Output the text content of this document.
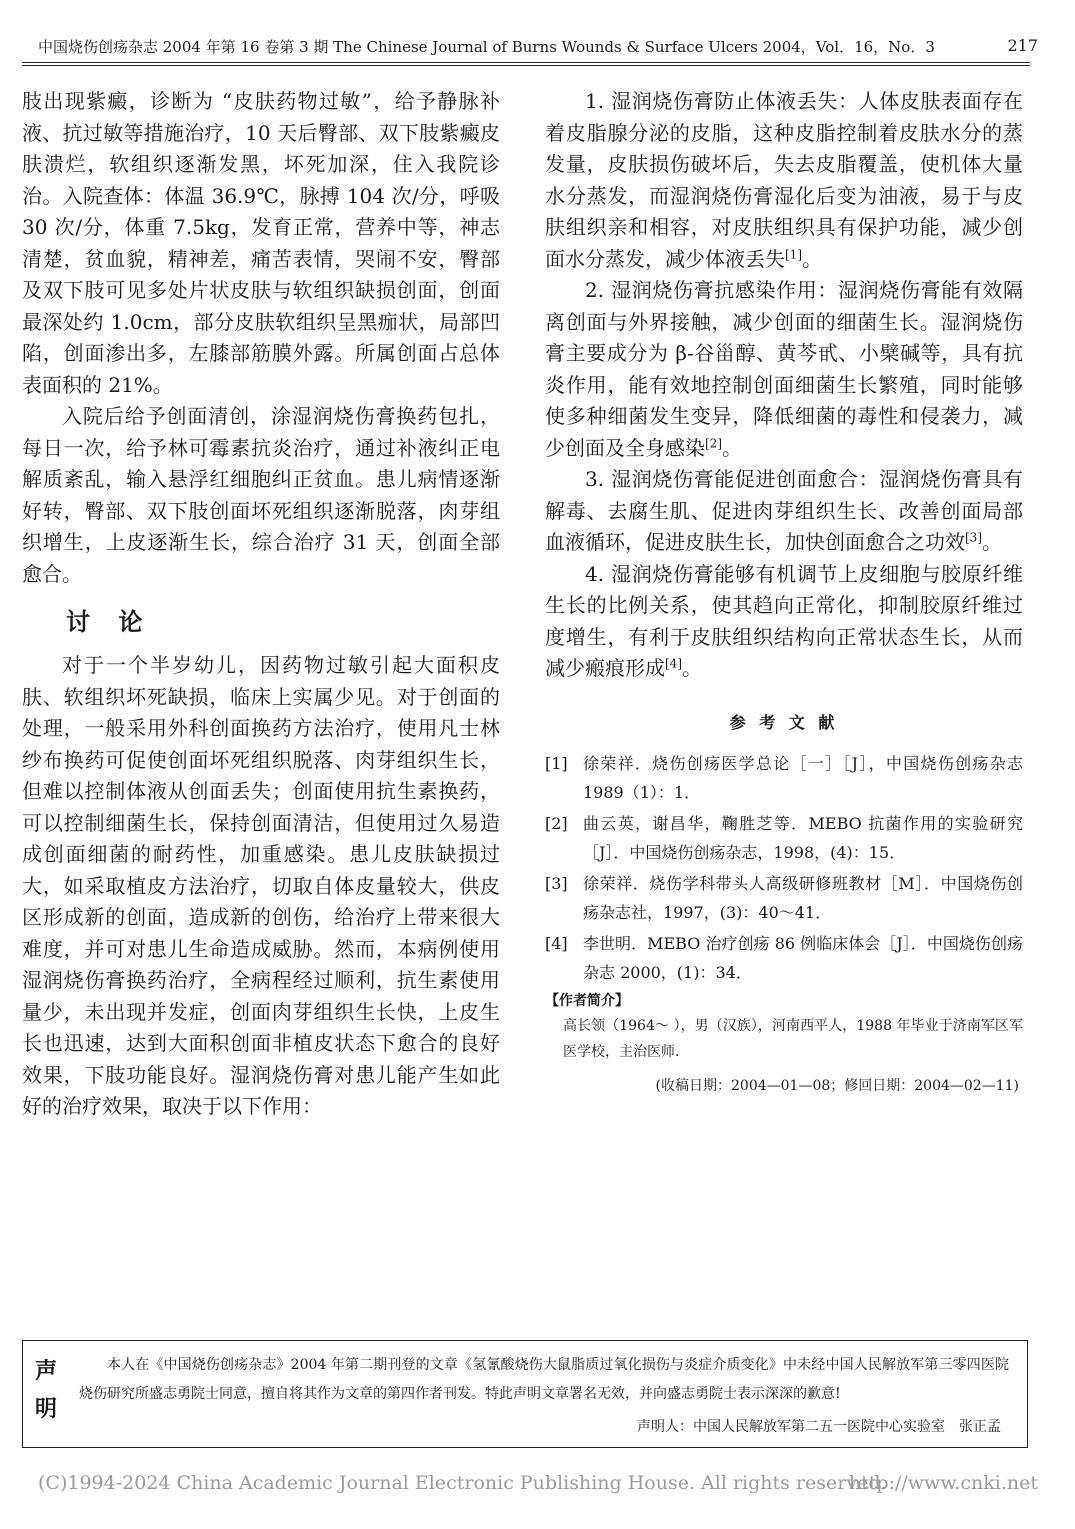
中国烧伤创疡杂志 2004 年第 16 卷第 3 期 The Chinese Journal of Burns Wounds & Surface Ulcers 2004，Vol．16，No．3	217

肢出现紫癜，诊断为 “皮肤药物过敏”，给予静脉补液、抗过敏等措施治疗，10 天后臀部、双下肢紫癜皮肤溃烂，软组织逐渐发黑，坏死加深，住入我院诊治。入院查体：体温 36.9℃，脉搏 104 次/分，呼吸 30 次/分，体重 7.5kg，发育正常，营养中等，神志清楚，贫血貌，精神差，痛苦表情，哭闹不安，臀部及双下肢可见多处片状皮肤与软组织缺损创面，创面最深处约 1.0cm，部分皮肤软组织呈黑痂状，局部凹陷，创面渗出多，左膝部筋膜外露。所属创面占总体表面积的 21%。

入院后给予创面清创，涂湿润烧伤膏换药包扎，每日一次，给予林可霉素抗炎治疗，通过补液纠正电解质紊乱，输入悬浮红细胞纠正贫血。患儿病情逐渐好转，臀部、双下肢创面坏死组织逐渐脱落，肉芽组织增生，上皮逐渐生长，综合治疗 31 天，创面全部愈合。

讨 论

对于一个半岁幼儿，因药物过敏引起大面积皮肤、软组织坏死缺损，临床上实属少见。对于创面的处理，一般采用外科创面换药方法治疗，使用凡士林纱布换药可促使创面坏死组织脱落、肉芽组织生长，但难以控制体液从创面丢失；创面使用抗生素换药，可以控制细菌生长，保持创面清洁，但使用过久易造成创面细菌的耐药性，加重感染。患儿皮肤缺损过大，如采取植皮方法治疗，切取自体皮量较大，供皮区形成新的创面，造成新的创伤，给治疗上带来很大难度，并可对患儿生命造成威胁。然而，本病例使用湿润烧伤膏换药治疗，全病程经过顺利，抗生素使用量少，未出现并发症，创面肉芽组织生长快，上皮生长也迅速，达到大面积创面非植皮状态下愈合的良好效果，下肢功能良好。湿润烧伤膏对患儿能产生如此好的治疗效果，取决于以下作用：

1. 湿润烧伤膏防止体液丢失：人体皮肤表面存在着皮脂腺分泌的皮脂，这种皮脂控制着皮肤水分的蒸发量，皮肤损伤破坏后，失去皮脂覆盖，使机体大量水分蒸发，而湿润烧伤膏湿化后变为油液，易于与皮肤组织亲和相容，对皮肤组织具有保护功能，减少创面水分蒸发，减少体液丢失[1]。

2. 湿润烧伤膏抗感染作用：湿润烧伤膏能有效隔离创面与外界接触，减少创面的细菌生长。湿润烧伤膏主要成分为 β-谷甾醇、黄芩甙、小檗碱等，具有抗炎作用，能有效地控制创面细菌生长繁殖，同时能够使多种细菌发生变异，降低细菌的毒性和侵袭力，减少创面及全身感染[2]。

3. 湿润烧伤膏能促进创面愈合：湿润烧伤膏具有解毒、去腐生肌、促进肉芽组织生长、改善创面局部血液循环，促进皮肤生长，加快创面愈合之功效[3]。

4. 湿润烧伤膏能够有机调节上皮细胞与胶原纤维生长的比例关系，使其趋向正常化，抑制胶原纤维过度增生，有利于皮肤组织结构向正常状态生长，从而减少瘢痕形成[4]。

参 考 文 献
[1] 徐荣祥．烧伤创疡医学总论［一］［J］，中国烧伤创疡杂志 1989（1）：1．
[2] 曲云英，谢昌华，鞠胜芝等．MEBO 抗菌作用的实验研究［J］．中国烧伤创疡杂志，1998，(4)：15．
[3] 徐荣祥．烧伤学科带头人高级研修班教材［M］．中国烧伤创疡杂志社，1997，(3)：40～41．
[4] 李世明．MEBO 治疗创疡 86 例临床体会［J］．中国烧伤创疡杂志 2000，(1)：34．
【作者简介】
高长领（1964～ ），男（汉族），河南西平人，1988 年毕业于济南军区军医学校，主治医师．
(收稿日期：2004—01—08；修回日期：2004—02—11)
声
明
本人在《中国烧伤创疡杂志》2004 年第二期刊登的文章《氢氰酸烧伤大鼠脂质过氧化损伤与炎症介质变化》中未经中国人民解放军第三零四医院烧伤研究所盛志勇院士同意，擅自将其作为文章的第四作者刊发。特此声明文章署名无效，并向盛志勇院士表示深深的歉意!
声明人：中国人民解放军第二五一医院中心实验室　张正孟
(C)1994-2024 China Academic Journal Electronic Publishing House. All rights reserved.
http://www.cnki.net
